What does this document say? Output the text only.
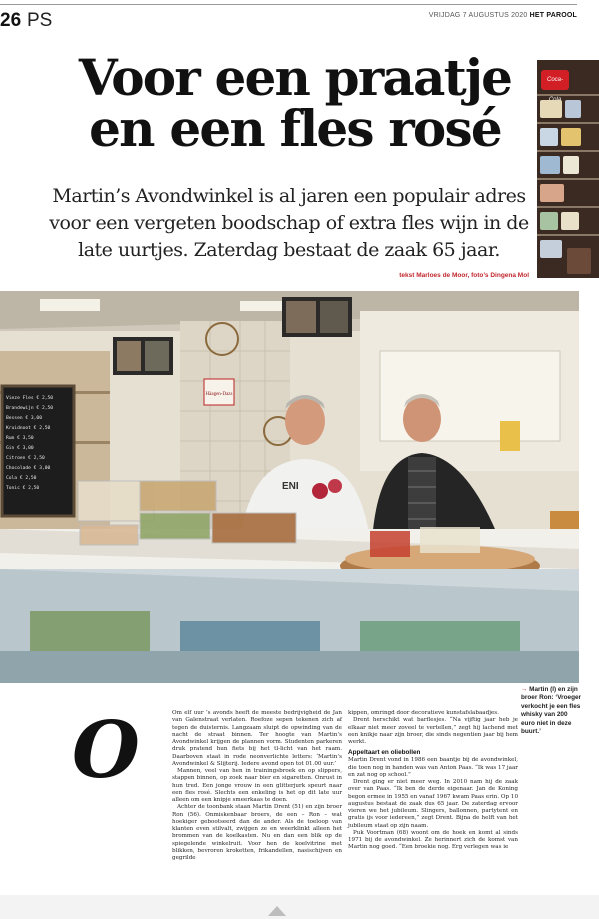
26 PS	VRIJDAG 7 AUGUSTUS 2020 HET PAROOL
Voor een praatje
en een fles rosé
Martin’s Avondwinkel is al jaren een populair adres
voor een vergeten boodschap of extra fles wijn in de
late uurtjes. Zaterdag bestaat de zaak 65 jaar.
tekst Marloes de Moor, foto’s Dingena Mol
Coca-
Häagen-Dazs
Vieze Fles € 2,50
Brandewijn € 2,50
Bessen € 3,00
Kruidnoot € 2,50
Rum € 3,50
Gin € 3,00
Citroen € 2,50
Chocolade € 3,00
Cola € 2,50
Tonic € 2,50	ENI
→ Martin (l) en zijn broer Ron: ‘Vroeger verkocht je een fles whisky van 200 euro niet in deze buurt.’
O	Om elf uur ’s avonds heeft de meeste bedrijvigheid de Jan van Galenstraat verlaten. Roefoze sepen tekenen zich af tegen de duisternis. Langzaam sluipt de opwinding van de nacht de straat binnen. Ter hoogte van Martin’s Avondwinkel krijgen de plannen vorm. Studenten parkeren druk pratend hun fiets bij het tl-licht van het raam. Daarboven staat in rode neonverlichte letters: ‘Martin’s Avondwinkel & Slijterij. Iedere avond open tot 01.00 uur.’

Mannen, veel van hen in trainingsbroek en op slippers, stappen binnen, op zoek naar bier en sigaretten. Onrust in hun tred. Een jonge vrouw in een glitterjurk speurt naar een fles rosé. Slechts een enkeling is het op dit late uur alleen om een knipje smeerkaas te doen.

Achter de toonbank staan Martin Drent (51) en zijn broer Ron (56). Onmiskenbaar broers, de een – Ron – wat hoekiger gebootseerd dan de ander. Als de toeloop van klanten even stilvalt, zwijgen ze en weerklinkt alleen het brommen van de koelkasten. Nu en dan een blik op de spiegelende winkelruit. Voor hen de koelvitrine met blikken, bevroren kroketten, frikandellen, nasischijven en gegrilde

kippen, omringd door decoratieve kunstafslabaadjes.

Drent herschikt wat barflesjes. “Na vijftig jaar heb je elkaar niet meer zoveel te vertellen,” zegt hij lachend met een knikje naar zijn broer, die sinds negentien jaar bij hem werkt.

Appeltaart en oliebollen

Martin Drent vond in 1986 een baantje bij de avondwinkel, die toen nog in handen was van Anton Paas. “Ik was 17 jaar en zat nog op school.”

Drent ging er niet meer weg. In 2010 nam hij de zaak over van Paas. “Ik ben de derde eigenaar. Jan de Koning begon ermee in 1955 en vanaf 1967 kwam Paas erin. Op 10 augustus bestaat de zaak dus 65 jaar. De zaterdag ervoor vieren we het jubileum. Slingers, ballonnen, partytent en gratis ijs voor iedereen,” zegt Drent. Bijna de helft van het jubileum staat op zijn naam.

Puk Voortman (68) woont om de hoek en komt al sinds 1971 bij de avondwinkel. Ze herinnert zich de komst van Martin nog goed. “Een broekie nog. Erg verlegen was ie
